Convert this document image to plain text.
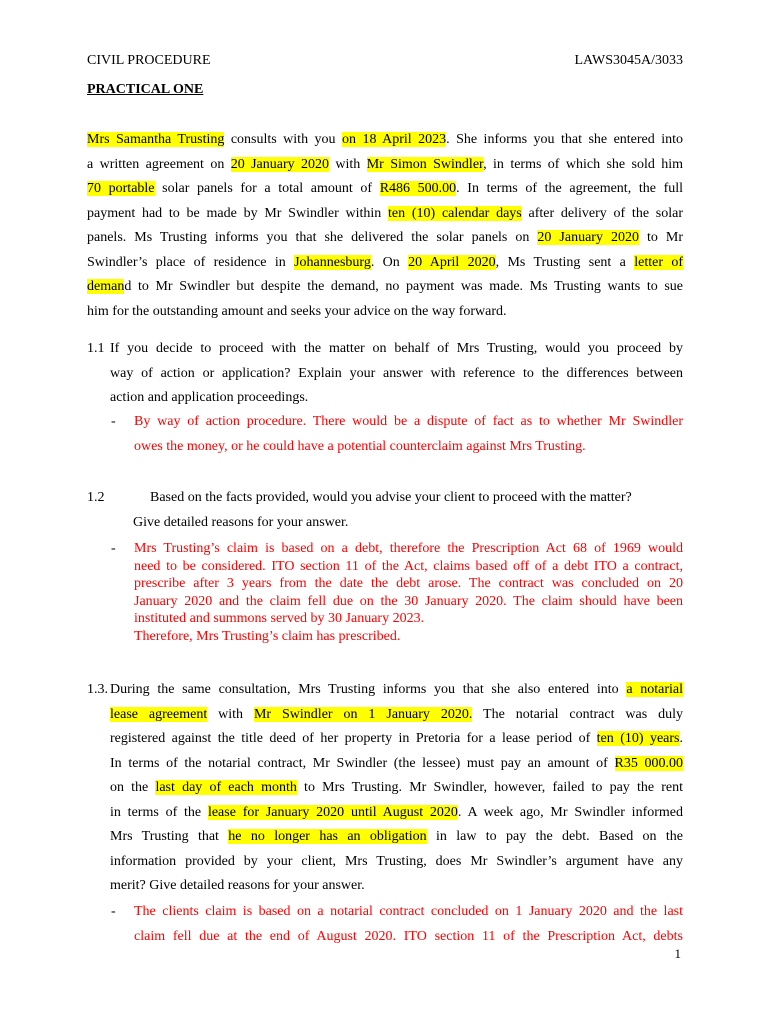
CIVIL PROCEDURE	LAWS3045A/3033
PRACTICAL ONE
Mrs Samantha Trusting consults with you on 18 April 2023. She informs you that she entered into
a written agreement on 20 January 2020 with Mr Simon Swindler, in terms of which she sold him
70 portable solar panels for a total amount of R486 500.00. In terms of the agreement, the full
payment had to be made by Mr Swindler within ten (10) calendar days after delivery of the solar
panels. Ms Trusting informs you that she delivered the solar panels on 20 January 2020 to Mr
Swindler’s place of residence in Johannesburg. On 20 April 2020, Ms Trusting sent a letter of
demand to Mr Swindler but despite the demand, no payment was made. Ms Trusting wants to sue
him for the outstanding amount and seeks your advice on the way forward.
1.1 If you decide to proceed with the matter on behalf of Mrs Trusting, would you proceed by
way of action or application? Explain your answer with reference to the differences between
action and application proceedings.
- By way of action procedure. There would be a dispute of fact as to whether Mr Swindler
owes the money, or he could have a potential counterclaim against Mrs Trusting.
1.2	Based on the facts provided, would you advise your client to proceed with the matter?
Give detailed reasons for your answer.
- Mrs Trusting’s claim is based on a debt, therefore the Prescription Act 68 of 1969 would
need to be considered. ITO section 11 of the Act, claims based off of a debt ITO a contract,
prescribe after 3 years from the date the debt arose. The contract was concluded on 20
January 2020 and the claim fell due on the 30 January 2020. The claim should have been
instituted and summons served by 30 January 2023.
Therefore, Mrs Trusting’s claim has prescribed.
1.3. During the same consultation, Mrs Trusting informs you that she also entered into a notarial
lease agreement with Mr Swindler on 1 January 2020. The notarial contract was duly
registered against the title deed of her property in Pretoria for a lease period of ten (10) years.
In terms of the notarial contract, Mr Swindler (the lessee) must pay an amount of R35 000.00
on the last day of each month to Mrs Trusting. Mr Swindler, however, failed to pay the rent
in terms of the lease for January 2020 until August 2020. A week ago, Mr Swindler informed
Mrs Trusting that he no longer has an obligation in law to pay the debt. Based on the
information provided by your client, Mrs Trusting, does Mr Swindler’s argument have any
merit? Give detailed reasons for your answer.
- The clients claim is based on a notarial contract concluded on 1 January 2020 and the last
claim fell due at the end of August 2020. ITO section 11 of the Prescription Act, debts
1
